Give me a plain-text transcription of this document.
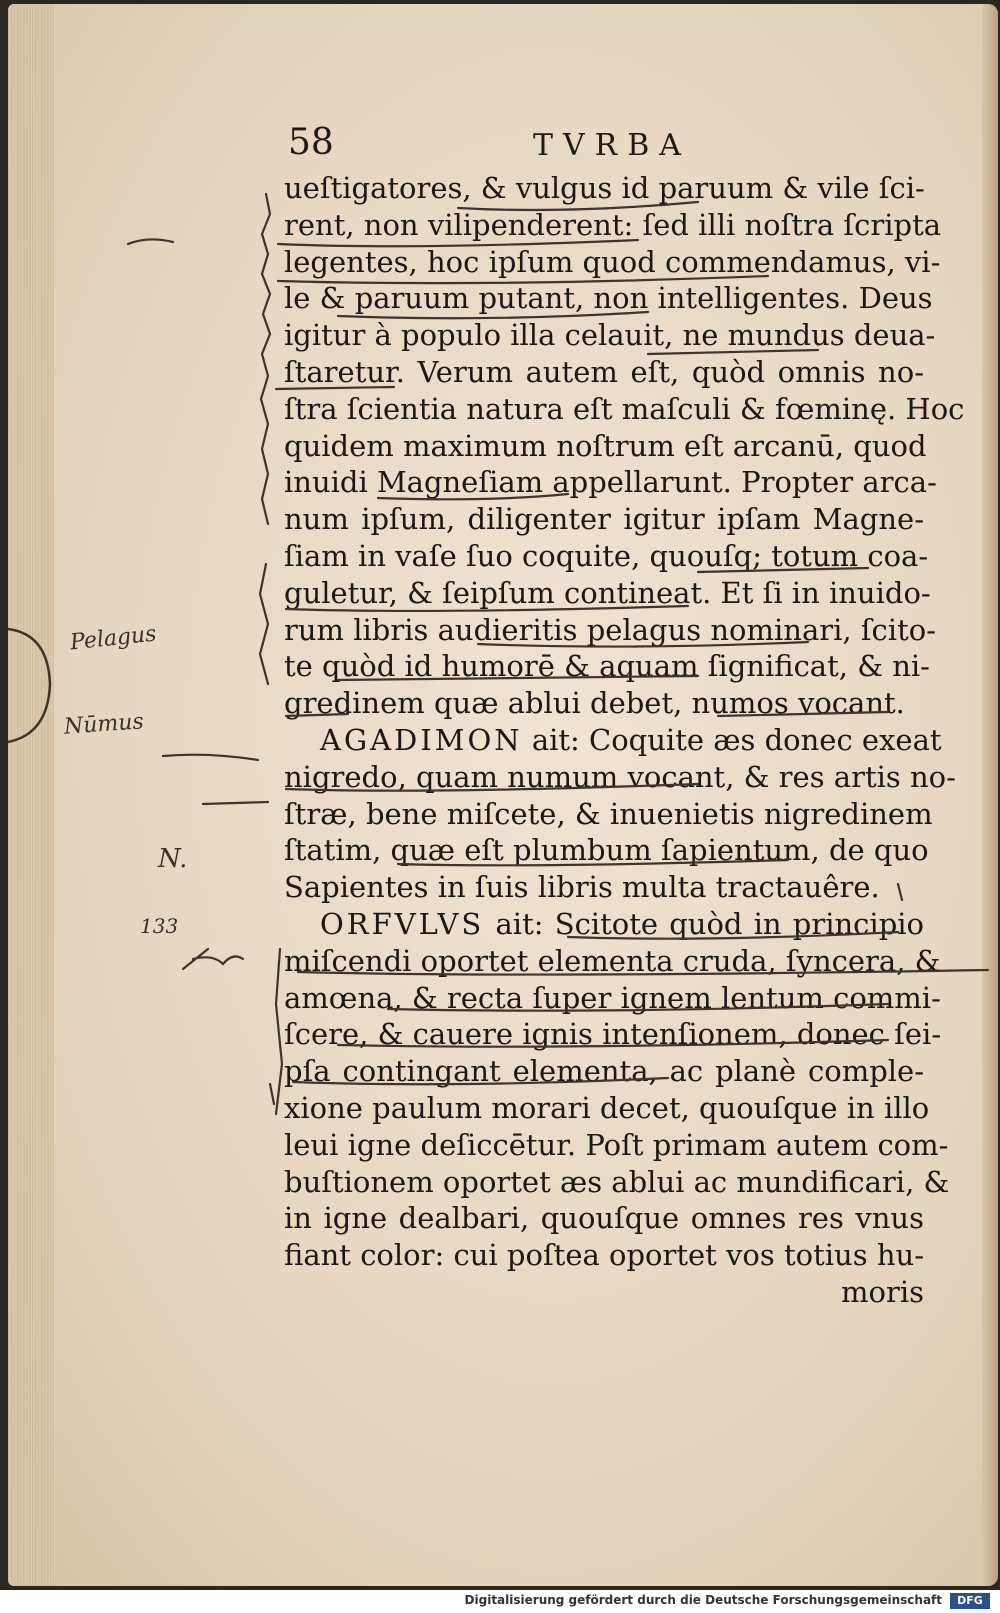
58	TVRBA
ueſtigatores, & vulgus id paruum & vile ſci-
rent, non vilipenderent: ſed illi noſtra ſcripta
legentes, hoc ipſum quod commendamus, vi-
le & paruum putant, non intelligentes. Deus
igitur à populo illa celauit, ne mundus deua-
ſtaretur. Verum autem eſt, quòd omnis no-
ſtra ſcientia natura eſt maſculi & fœminę. Hoc
quidem maximum noſtrum eſt arcanū, quod
inuidi Magneſiam appellarunt. Propter arca-
num ipſum, diligenter igitur ipſam Magne-
ſiam in vaſe ſuo coquite, quouſq; totum coa-
guletur, & ſeipſum contineat. Et ſi in inuido-
rum libris audieritis pelagus nominari, ſcito-
te quòd id humorē & aquam ſignificat, & ni-
gredinem quæ ablui debet, numos vocant.
AGADIMON ait: Coquite æs donec exeat
nigredo, quam numum vocant, & res artis no-
ſtræ, bene miſcete, & inuenietis nigredinem
ſtatim, quæ eſt plumbum ſapientum, de quo
Sapientes in ſuis libris multa tractauêre.
ORFVLVS ait: Scitote quòd in principio
miſcendi oportet elementa cruda, ſyncera, &
amœna, & recta ſuper ignem lentum commi-
ſcere, & cauere ignis intenſionem, donec ſei-
pſa contingant elementa, ac planè comple-
xione paulum morari decet, quouſque in illo
leui igne deſiccētur. Poſt primam autem com-
buſtionem oportet æs ablui ac mundificari, &
in igne dealbari, quouſque omnes res vnus
fiant color: cui poſtea oportet vos totius hu-
moris
Pelagus
Nūmus
N.
133
Digitalisierung gefördert durch die Deutsche Forschungsgemeinschaft	DFG
